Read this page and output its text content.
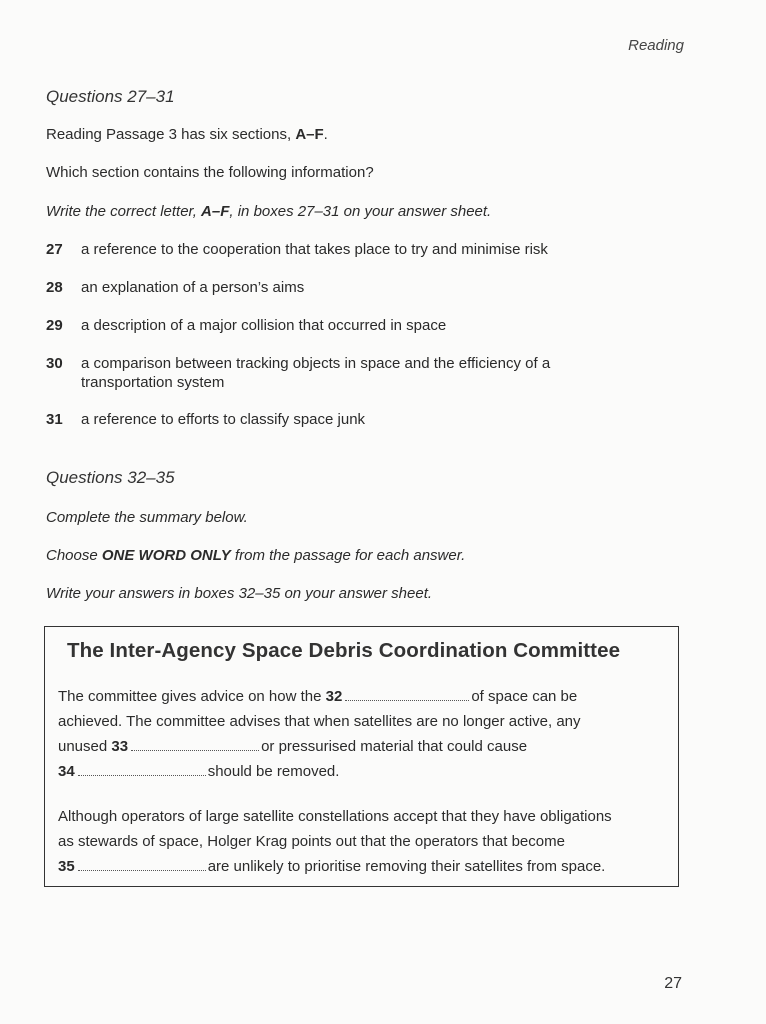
Reading
Questions 27–31
Reading Passage 3 has six sections, A–F.
Which section contains the following information?
Write the correct letter, A–F, in boxes 27–31 on your answer sheet.
27	a reference to the cooperation that takes place to try and minimise risk
28	an explanation of a person’s aims
29	a description of a major collision that occurred in space
30	a comparison between tracking objects in space and the efficiency of a transportation system
31	a reference to efforts to classify space junk
Questions 32–35
Complete the summary below.
Choose ONE WORD ONLY from the passage for each answer.
Write your answers in boxes 32–35 on your answer sheet.
The Inter-Agency Space Debris Coordination Committee
The committee gives advice on how the 32	of space can be
achieved. The committee advises that when satellites are no longer active, any
unused 33	or pressurised material that could cause
34	should be removed.
Although operators of large satellite constellations accept that they have obligations
as stewards of space, Holger Krag points out that the operators that become
35	are unlikely to prioritise removing their satellites from space.
27
